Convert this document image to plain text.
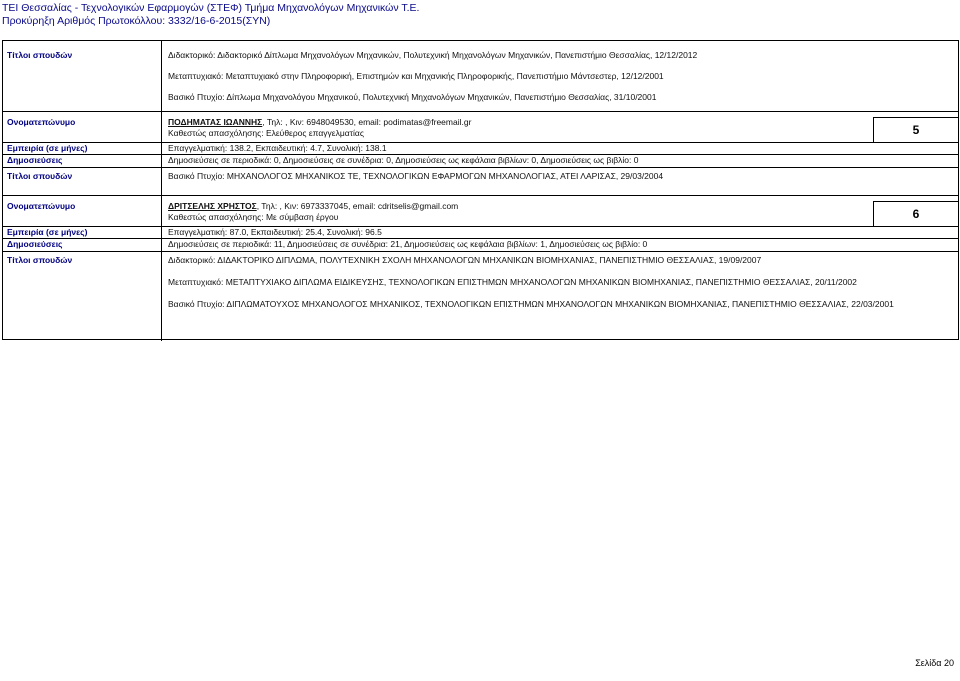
ΤΕΙ Θεσσαλίας - Τεχνολογικών Εφαρμογών (ΣΤΕΦ) Τμήμα Μηχανολόγων Μηχανικών Τ.Ε.
Προκύρηξη Αριθμός Πρωτοκόλλου: 3332/16-6-2015(ΣΥΝ)
Τίτλοι σπουδών	Διδακτορικό: Διδακτορικό Δίπλωμα Μηχανολόγων Μηχανικών, Πολυτεχνική Μηχανολόγων Μηχανικών, Πανεπιστήμιο Θεσσαλίας, 12/12/2012
Μεταπτυχιακό: Μεταπτυχιακό στην Πληροφορική, Επιστημών και Μηχανικής Πληροφορικής, Πανεπιστήμιο Μάντσεστερ, 12/12/2001
Βασικό Πτυχίο: Δίπλωμα Μηχανολόγου Μηχανικού, Πολυτεχνική Μηχανολόγων Μηχανικών, Πανεπιστήμιο Θεσσαλίας, 31/10/2001
Ονοματεπώνυμο	ΠΟΔΗΜΑΤΑΣ ΙΩΑΝΝΗΣ, Τηλ: , Κιν: 6948049530, email: podimatas@freemail.gr
Καθεστώς απασχόλησης: Ελεύθερος επαγγελματίας	5
Εμπειρία (σε μήνες)	Επαγγελματική: 138.2, Εκπαιδευτική: 4.7, Συνολική: 138.1
Δημοσιεύσεις	Δημοσιεύσεις σε περιοδικά: 0, Δημοσιεύσεις σε συνέδρια: 0, Δημοσιεύσεις ως κεφάλαια βιβλίων: 0, Δημοσιεύσεις ως βιβλίο: 0
Τίτλοι σπουδών	Βασικό Πτυχίο: ΜΗΧΑΝΟΛΟΓΟΣ ΜΗΧΑΝΙΚΟΣ ΤΕ, ΤΕΧΝΟΛΟΓΙΚΩΝ ΕΦΑΡΜΟΓΩΝ ΜΗΧΑΝΟΛΟΓΙΑΣ, ΑΤΕΙ ΛΑΡΙΣΑΣ, 29/03/2004
Ονοματεπώνυμο	ΔΡΙΤΣΕΛΗΣ ΧΡΗΣΤΟΣ, Τηλ: , Κιν: 6973337045, email: cdritselis@gmail.com
Καθεστώς απασχόλησης: Με σύμβαση έργου	6
Εμπειρία (σε μήνες)	Επαγγελματική: 87.0, Εκπαιδευτική: 25.4, Συνολική: 96.5
Δημοσιεύσεις	Δημοσιεύσεις σε περιοδικά: 11, Δημοσιεύσεις σε συνέδρια: 21, Δημοσιεύσεις ως κεφάλαια βιβλίων: 1, Δημοσιεύσεις ως βιβλίο: 0
Τίτλοι σπουδών	Διδακτορικό: ΔΙΔΑΚΤΟΡΙΚΟ ΔΙΠΛΩΜΑ, ΠΟΛΥΤΕΧΝΙΚΗ ΣΧΟΛΗ ΜΗΧΑΝΟΛΟΓΩΝ ΜΗΧΑΝΙΚΩΝ ΒΙΟΜΗΧΑΝΙΑΣ, ΠΑΝΕΠΙΣΤΗΜΙΟ ΘΕΣΣΑΛΙΑΣ, 19/09/2007
Μεταπτυχιακό: ΜΕΤΑΠΤΥΧΙΑΚΟ ΔΙΠΛΩΜΑ ΕΙΔΙΚΕΥΣΗΣ, ΤΕΧΝΟΛΟΓΙΚΩΝ ΕΠΙΣΤΗΜΩΝ ΜΗΧΑΝΟΛΟΓΩΝ ΜΗΧΑΝΙΚΩΝ ΒΙΟΜΗΧΑΝΙΑΣ, ΠΑΝΕΠΙΣΤΗΜΙΟ ΘΕΣΣΑΛΙΑΣ, 20/11/2002
Βασικό Πτυχίο: ΔΙΠΛΩΜΑΤΟΥΧΟΣ ΜΗΧΑΝΟΛΟΓΟΣ ΜΗΧΑΝΙΚΟΣ, ΤΕΧΝΟΛΟΓΙΚΩΝ ΕΠΙΣΤΗΜΩΝ ΜΗΧΑΝΟΛΟΓΩΝ ΜΗΧΑΝΙΚΩΝ ΒΙΟΜΗΧΑΝΙΑΣ, ΠΑΝΕΠΙΣΤΗΜΙΟ ΘΕΣΣΑΛΙΑΣ, 22/03/2001
Σελίδα 20
